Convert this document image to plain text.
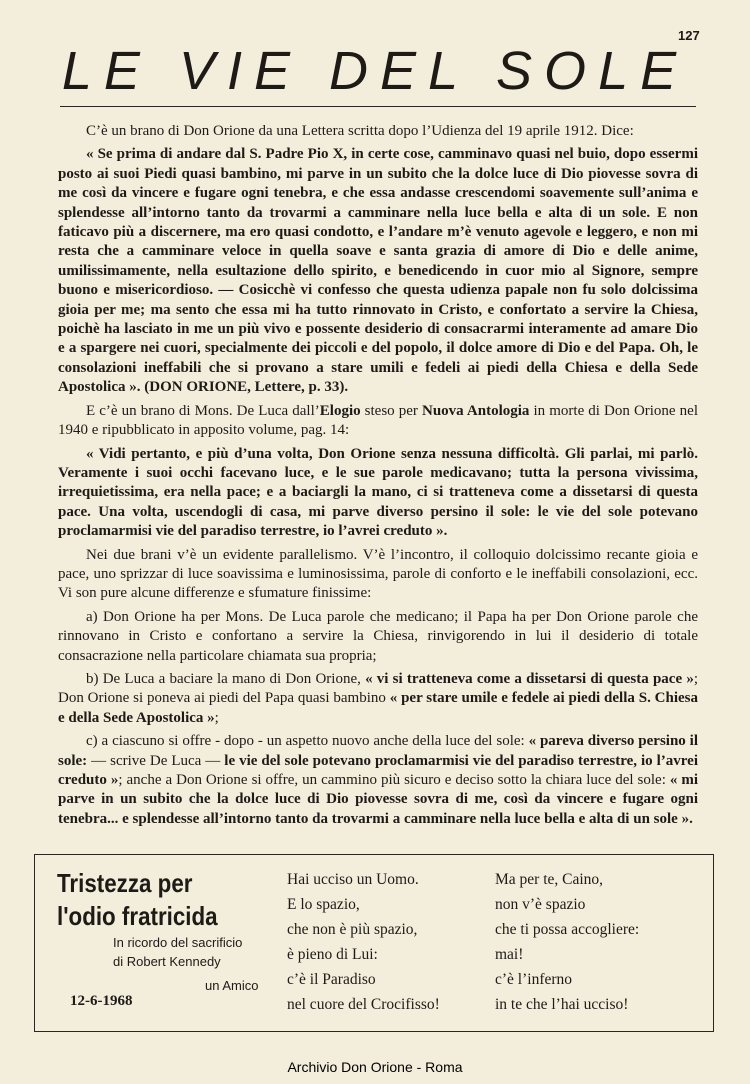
127
LE VIE DEL SOLE

C’è un brano di Don Orione da una Lettera scritta dopo l’Udienza del 19 aprile 1912. Dice:

« Se prima di andare dal S. Padre Pio X, in certe cose, camminavo quasi nel buio, dopo essermi posto ai suoi Piedi quasi bambino, mi parve in un subito che la dolce luce di Dio piovesse sovra di me così da vincere e fugare ogni tenebra, e che essa andasse crescendomi soavemente sull’anima e splendesse all’intorno tanto da trovarmi a camminare nella luce bella e alta di un sole. E non faticavo più a discernere, ma ero quasi condotto, e l’andare m’è venuto agevole e leggero, e non mi resta che a camminare veloce in quella soave e santa grazia di amore di Dio e delle anime, umilissimamente, nella esultazione dello spirito, e benedicendo in cuor mio al Signore, sempre buono e misericordioso. — Cosicchè vi confesso che questa udienza papale non fu solo dolcissima gioia per me; ma sento che essa mi ha tutto rinnovato in Cristo, e confortato a servire la Chiesa, poichè ha lasciato in me un più vivo e possente desiderio di consacrarmi interamente ad amare Dio e a spargere nei cuori, specialmente dei piccoli e del popolo, il dolce amore di Dio e del Papa. Oh, le consolazioni ineffabili che si provano a stare umili e fedeli ai piedi della Chiesa e della Sede Apostolica ». (DON ORIONE, Lettere, p. 33).

E c’è un brano di Mons. De Luca dall’Elogio steso per Nuova Antologia in morte di Don Orione nel 1940 e ripubblicato in apposito volume, pag. 14:

« Vidi pertanto, e più d’una volta, Don Orione senza nessuna difficoltà. Gli parlai, mi parlò. Veramente i suoi occhi facevano luce, e le sue parole medicavano; tutta la persona vivissima, irrequietissima, era nella pace; e a baciargli la mano, ci si tratteneva come a dissetarsi di questa pace. Una volta, uscendogli di casa, mi parve diverso persino il sole: le vie del sole potevano proclamarmisi vie del paradiso terrestre, io l’avrei creduto ».

Nei due brani v’è un evidente parallelismo. V’è l’incontro, il colloquio dolcissimo recante gioia e pace, uno sprizzar di luce soavissima e luminosissima, parole di conforto e le ineffabili consolazioni, ecc. Vi son pure alcune differenze e sfumature finissime:

a) Don Orione ha per Mons. De Luca parole che medicano; il Papa ha per Don Orione parole che rinnovano in Cristo e confortano a servire la Chiesa, rinvigorendo in lui il desiderio di totale consacrazione nella particolare chiamata sua propria;

b) De Luca a baciare la mano di Don Orione, « vi si tratteneva come a dissetarsi di questa pace »; Don Orione si poneva ai piedi del Papa quasi bambino « per stare umile e fedele ai piedi della S. Chiesa e della Sede Apostolica »;

c) a ciascuno si offre - dopo - un aspetto nuovo anche della luce del sole: « pareva diverso persino il sole: — scrive De Luca — le vie del sole potevano proclamarmisi vie del paradiso terrestre, io l’avrei creduto »; anche a Don Orione si offre, un cammino più sicuro e deciso sotto la chiara luce del sole: « mi parve in un subito che la dolce luce di Dio piovesse sovra di me, così da vincere e fugare ogni tenebra... e splendesse all’intorno tanto da trovarmi a camminare nella luce bella e alta di un sole ».

Tristezza per
l'odio fratricida
In ricordo del sacrificio
di Robert Kennedy
un Amico
12-6-1968
Hai ucciso un Uomo.
E lo spazio,
che non è più spazio,
è pieno di Lui:
c’è il Paradiso
nel cuore del Crocifisso!
Ma per te, Caino,
non v’è spazio
che ti possa accogliere:
mai!
c’è l’inferno
in te che l’hai ucciso!
Archivio Don Orione - Roma
